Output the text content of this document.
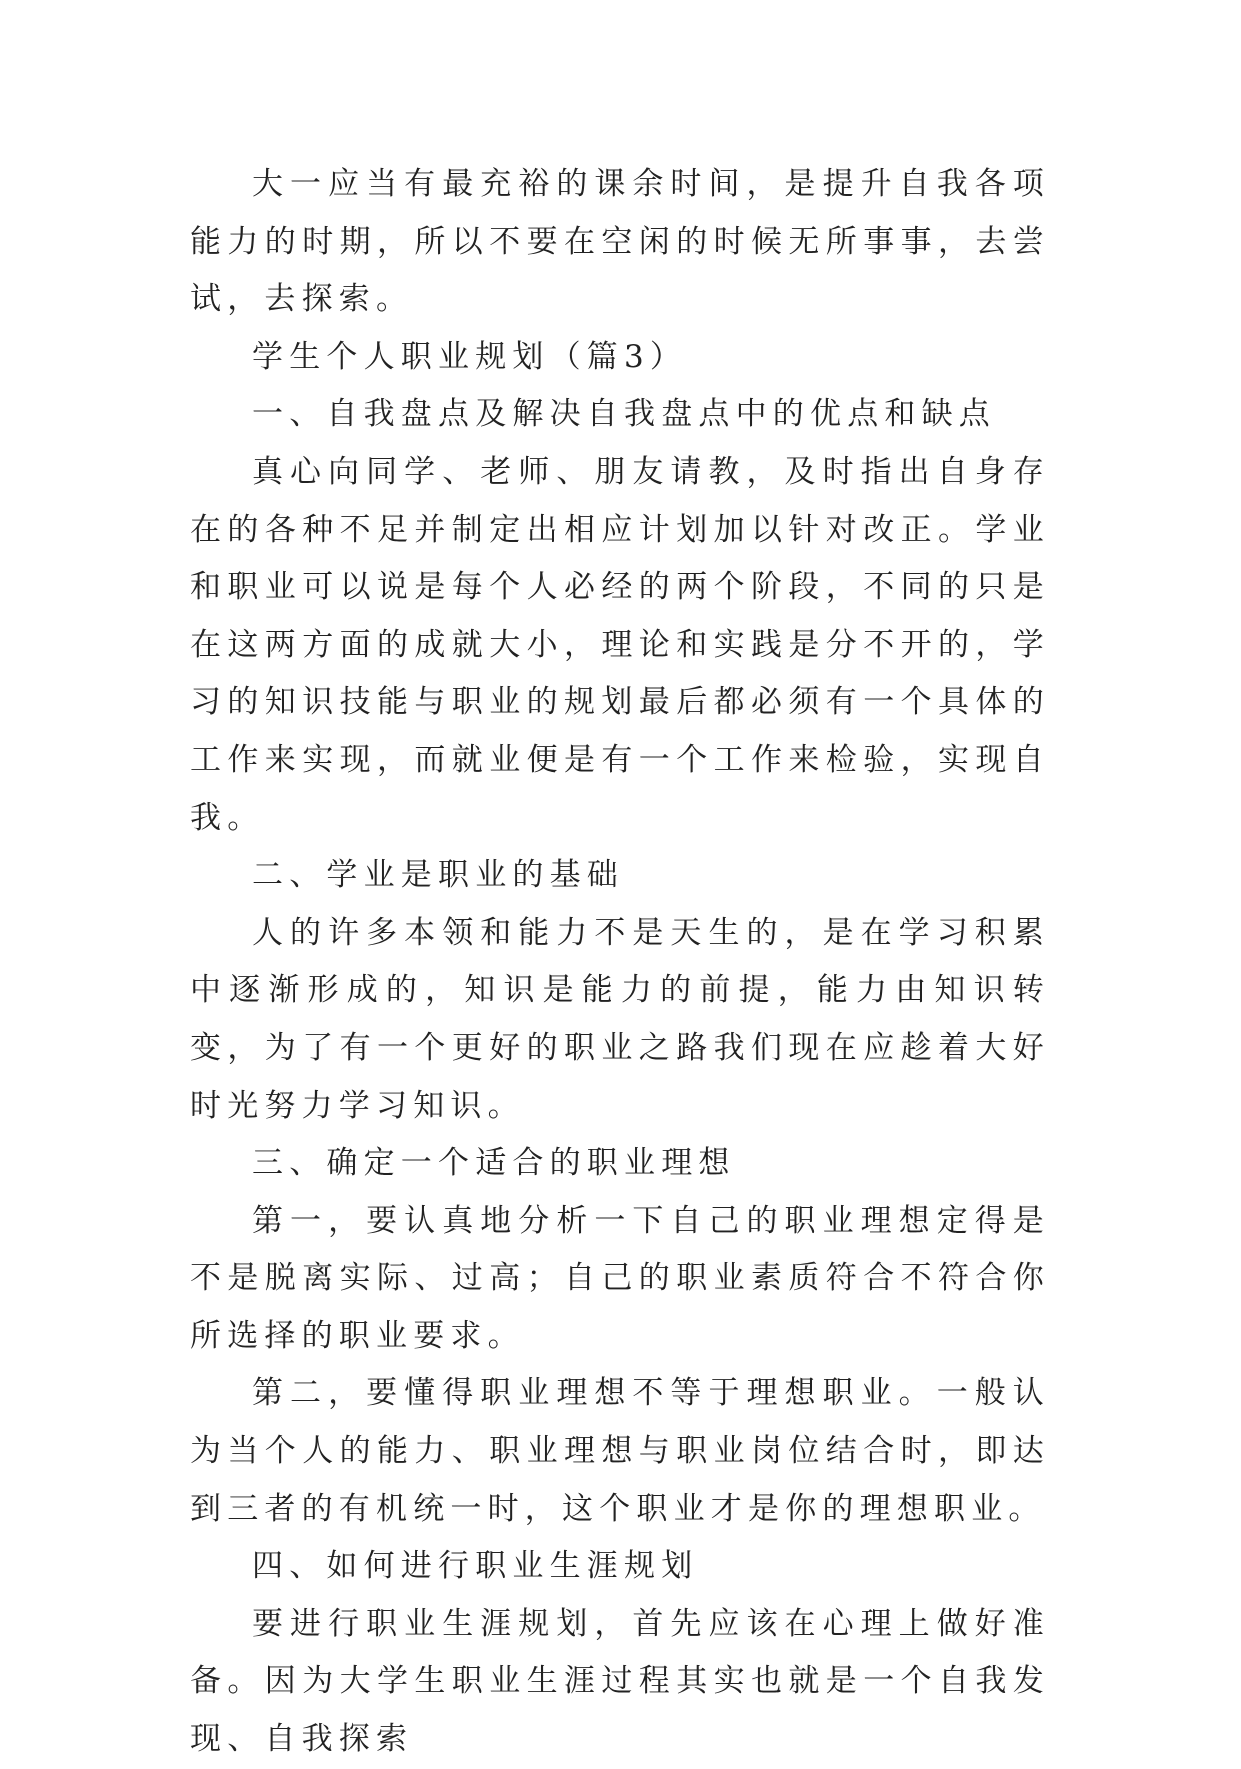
大一应当有最充裕的课余时间，是提升自我各项能力的时期，所以不要在空闲的时候无所事事，去尝试，去探索。

学生个人职业规划（篇3）

一、自我盘点及解决自我盘点中的优点和缺点

真心向同学、老师、朋友请教，及时指出自身存在的各种不足并制定出相应计划加以针对改正。学业和职业可以说是每个人必经的两个阶段，不同的只是在这两方面的成就大小，理论和实践是分不开的，学习的知识技能与职业的规划最后都必须有一个具体的工作来实现，而就业便是有一个工作来检验，实现自我。

二、学业是职业的基础

人的许多本领和能力不是天生的，是在学习积累中逐渐形成的，知识是能力的前提，能力由知识转变，为了有一个更好的职业之路我们现在应趁着大好时光努力学习知识。

三、确定一个适合的职业理想

第一，要认真地分析一下自己的职业理想定得是不是脱离实际、过高；自己的职业素质符合不符合你所选择的职业要求。

第二，要懂得职业理想不等于理想职业。一般认为当个人的能力、职业理想与职业岗位结合时，即达到三者的有机统一时，这个职业才是你的理想职业。

四、如何进行职业生涯规划

要进行职业生涯规划，首先应该在心理上做好准备。因为大学生职业生涯过程其实也就是一个自我发现、自我探索
